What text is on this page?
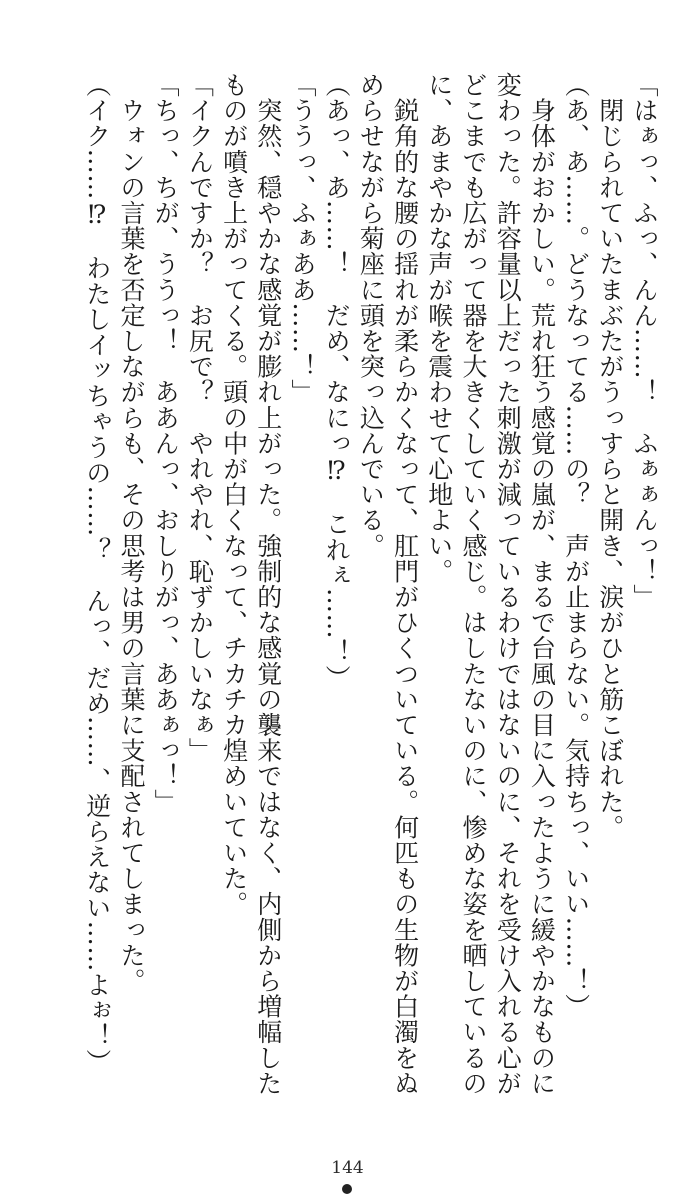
「はぁっ、ふっ、んん……！　ふぁぁんっ！」
　閉じられていたまぶたがうっすらと開き、涙がひと筋こぼれた。
（あ、あ……。どうなってる……の？　声が止まらない。気持ちっ、いい……！）
　身体がおかしい。荒れ狂う感覚の嵐が、まるで台風の目に入ったように緩やかなものに
変わった。許容量以上だった刺激が減っているわけではないのに、それを受け入れる心が
どこまでも広がって器を大きくしていく感じ。はしたないのに、惨めな姿を晒しているの
に、あまやかな声が喉を震わせて心地よい。
　鋭角的な腰の揺れが柔らかくなって、肛門がひくついている。何匹もの生物が白濁をぬ
めらせながら菊座に頭を突っ込んでいる。
（あっ、あ……！　だめ、なにっ⁉　これぇ……！）
「ううっ、ふぁああ……！」
　突然、穏やかな感覚が膨れ上がった。強制的な感覚の襲来ではなく、内側から増幅した
ものが噴き上がってくる。頭の中が白くなって、チカチカ煌めいていた。
「イクんですか？　お尻で？　やれやれ、恥ずかしいなぁ」
「ちっ、ちが、ううっ！　ああんっ、おしりがっ、ああぁっ！」
　ウォンの言葉を否定しながらも、その思考は男の言葉に支配されてしまった。
（イク……⁉　わたしイッちゃうの……？　んっ、だめ……、逆らえない……よぉ！）
144
